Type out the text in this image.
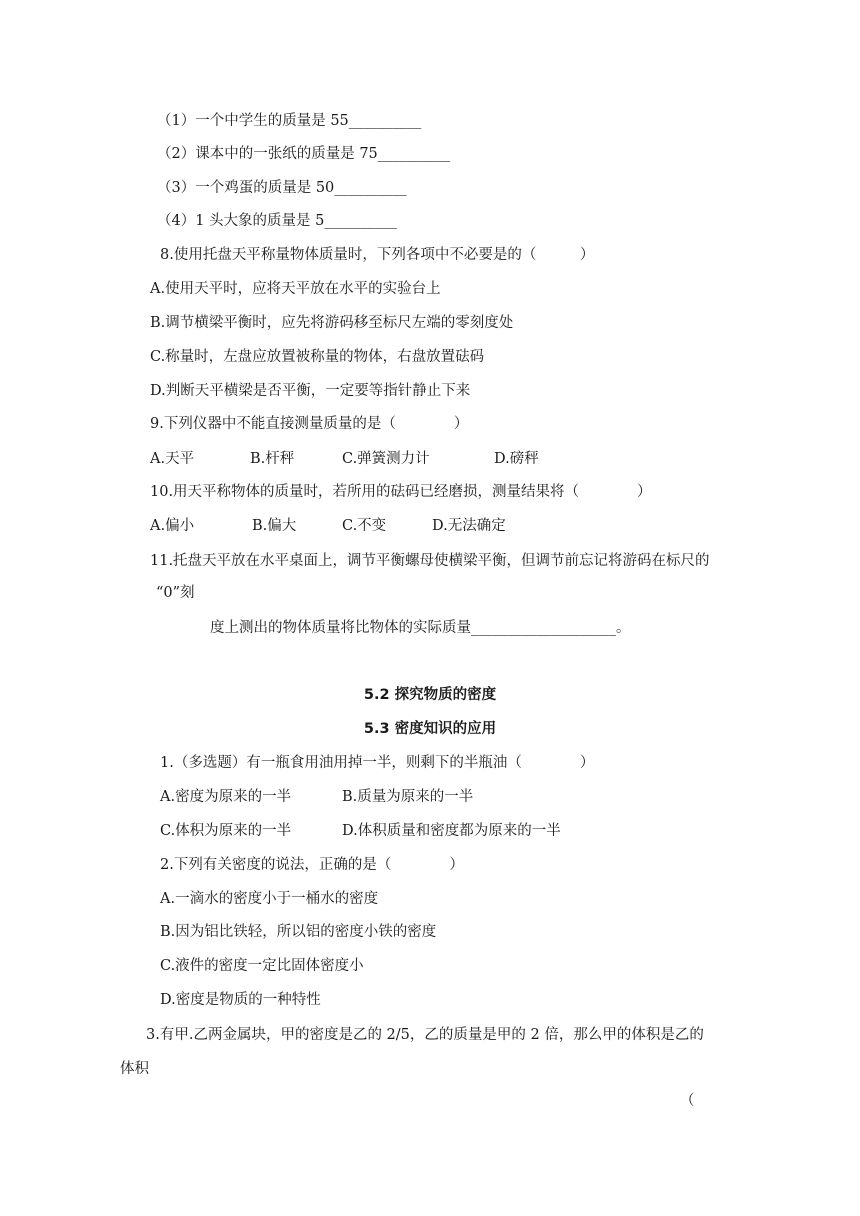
（1）一个中学生的质量是 55__________
（2）课本中的一张纸的质量是 75__________
（3）一个鸡蛋的质量是 50__________
（4）1 头大象的质量是 5__________
8.使用托盘天平称量物体质量时，下列各项中不必要是的（　　　）
A.使用天平时，应将天平放在水平的实验台上
B.调节横梁平衡时，应先将游码移至标尺左端的零刻度处
C.称量时，左盘应放置被称量的物体，右盘放置砝码
D.判断天平横梁是否平衡，一定要等指针静止下来
9.下列仪器中不能直接测量质量的是（　　　　）
A.天平	B.杆秤	C.弹簧测力计	D.磅秤
10.用天平称物体的质量时，若所用的砝码已经磨损，测量结果将（　　　　）
A.偏小	B.偏大	C.不变	D.无法确定
11.托盘天平放在水平桌面上，调节平衡螺母使横梁平衡，但调节前忘记将游码在标尺的
“0”刻
度上测出的物体质量将比物体的实际质量____________________。
5.2 探究物质的密度
5.3 密度知识的应用
1.（多选题）有一瓶食用油用掉一半，则剩下的半瓶油（　　　　）
A.密度为原来的一半	B.质量为原来的一半
C.体积为原来的一半	D.体积质量和密度都为原来的一半
2.下列有关密度的说法，正确的是（　　　　）
A.一滴水的密度小于一桶水的密度
B.因为铝比铁轻，所以铝的密度小铁的密度
C.液件的密度一定比固体密度小
D.密度是物质的一种特性
3.有甲.乙两金属块，甲的密度是乙的 2/5，乙的质量是甲的 2 倍，那么甲的体积是乙的
体积
（
